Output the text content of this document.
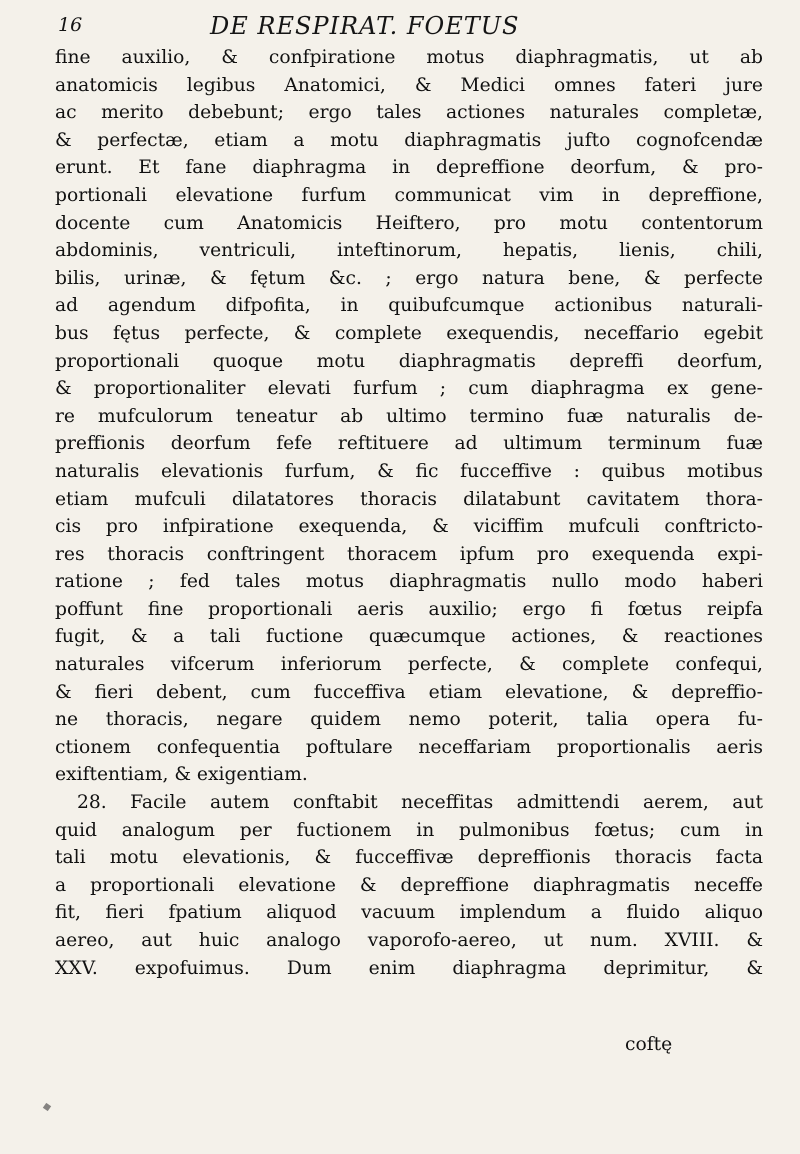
16	DE RESPIRAT. FOETUS
fine auxilio, & confpiratione motus diaphragmatis, ut ab
anatomicis legibus Anatomici, & Medici omnes fateri jure
ac merito debebunt; ergo tales actiones naturales completæ,
& perfectæ, etiam a motu diaphragmatis jufto cognofcendæ
erunt. Et fane diaphragma in depreffione deorfum, & pro-
portionali elevatione furfum communicat vim in depreffione,
docente cum Anatomicis Heiftero, pro motu contentorum
abdominis, ventriculi, inteftinorum, hepatis, lienis, chili,
bilis, urinæ, & fętum &c. ; ergo natura bene, & perfecte
ad agendum difpofita, in quibufcumque actionibus naturali-
bus fętus perfecte, & complete exequendis, neceffario egebit
proportionali quoque motu diaphragmatis depreffi deorfum,
& proportionaliter elevati furfum ; cum diaphragma ex gene-
re mufculorum teneatur ab ultimo termino fuæ naturalis de-
preffionis deorfum fefe reftituere ad ultimum terminum fuæ
naturalis elevationis furfum, & fic fucceffive : quibus motibus
etiam mufculi dilatatores thoracis dilatabunt cavitatem thora-
cis pro infpiratione exequenda, & viciffim mufculi conftricto-
res thoracis conftringent thoracem ipfum pro exequenda expi-
ratione ; fed tales motus diaphragmatis nullo modo haberi
poffunt fine proportionali aeris auxilio; ergo fi fœtus reipfa
fugit, & a tali fuctione quæcumque actiones, & reactiones
naturales vifcerum inferiorum perfecte, & complete confequi,
& fieri debent, cum fucceffiva etiam elevatione, & depreffio-
ne thoracis, negare quidem nemo poterit, talia opera fu-
ctionem confequentia poftulare neceffariam proportionalis aeris
exiftentiam, & exigentiam.
28. Facile autem conftabit neceffitas admittendi aerem, aut
quid analogum per fuctionem in pulmonibus fœtus; cum in
tali motu elevationis, & fucceffivæ depreffionis thoracis facta
a proportionali elevatione & depreffione diaphragmatis neceffe
fit, fieri fpatium aliquod vacuum implendum a fluido aliquo
aereo, aut huic analogo vaporofo-aereo, ut num. XVIII. &
XXV. expofuimus. Dum enim diaphragma deprimitur, &
coftę
